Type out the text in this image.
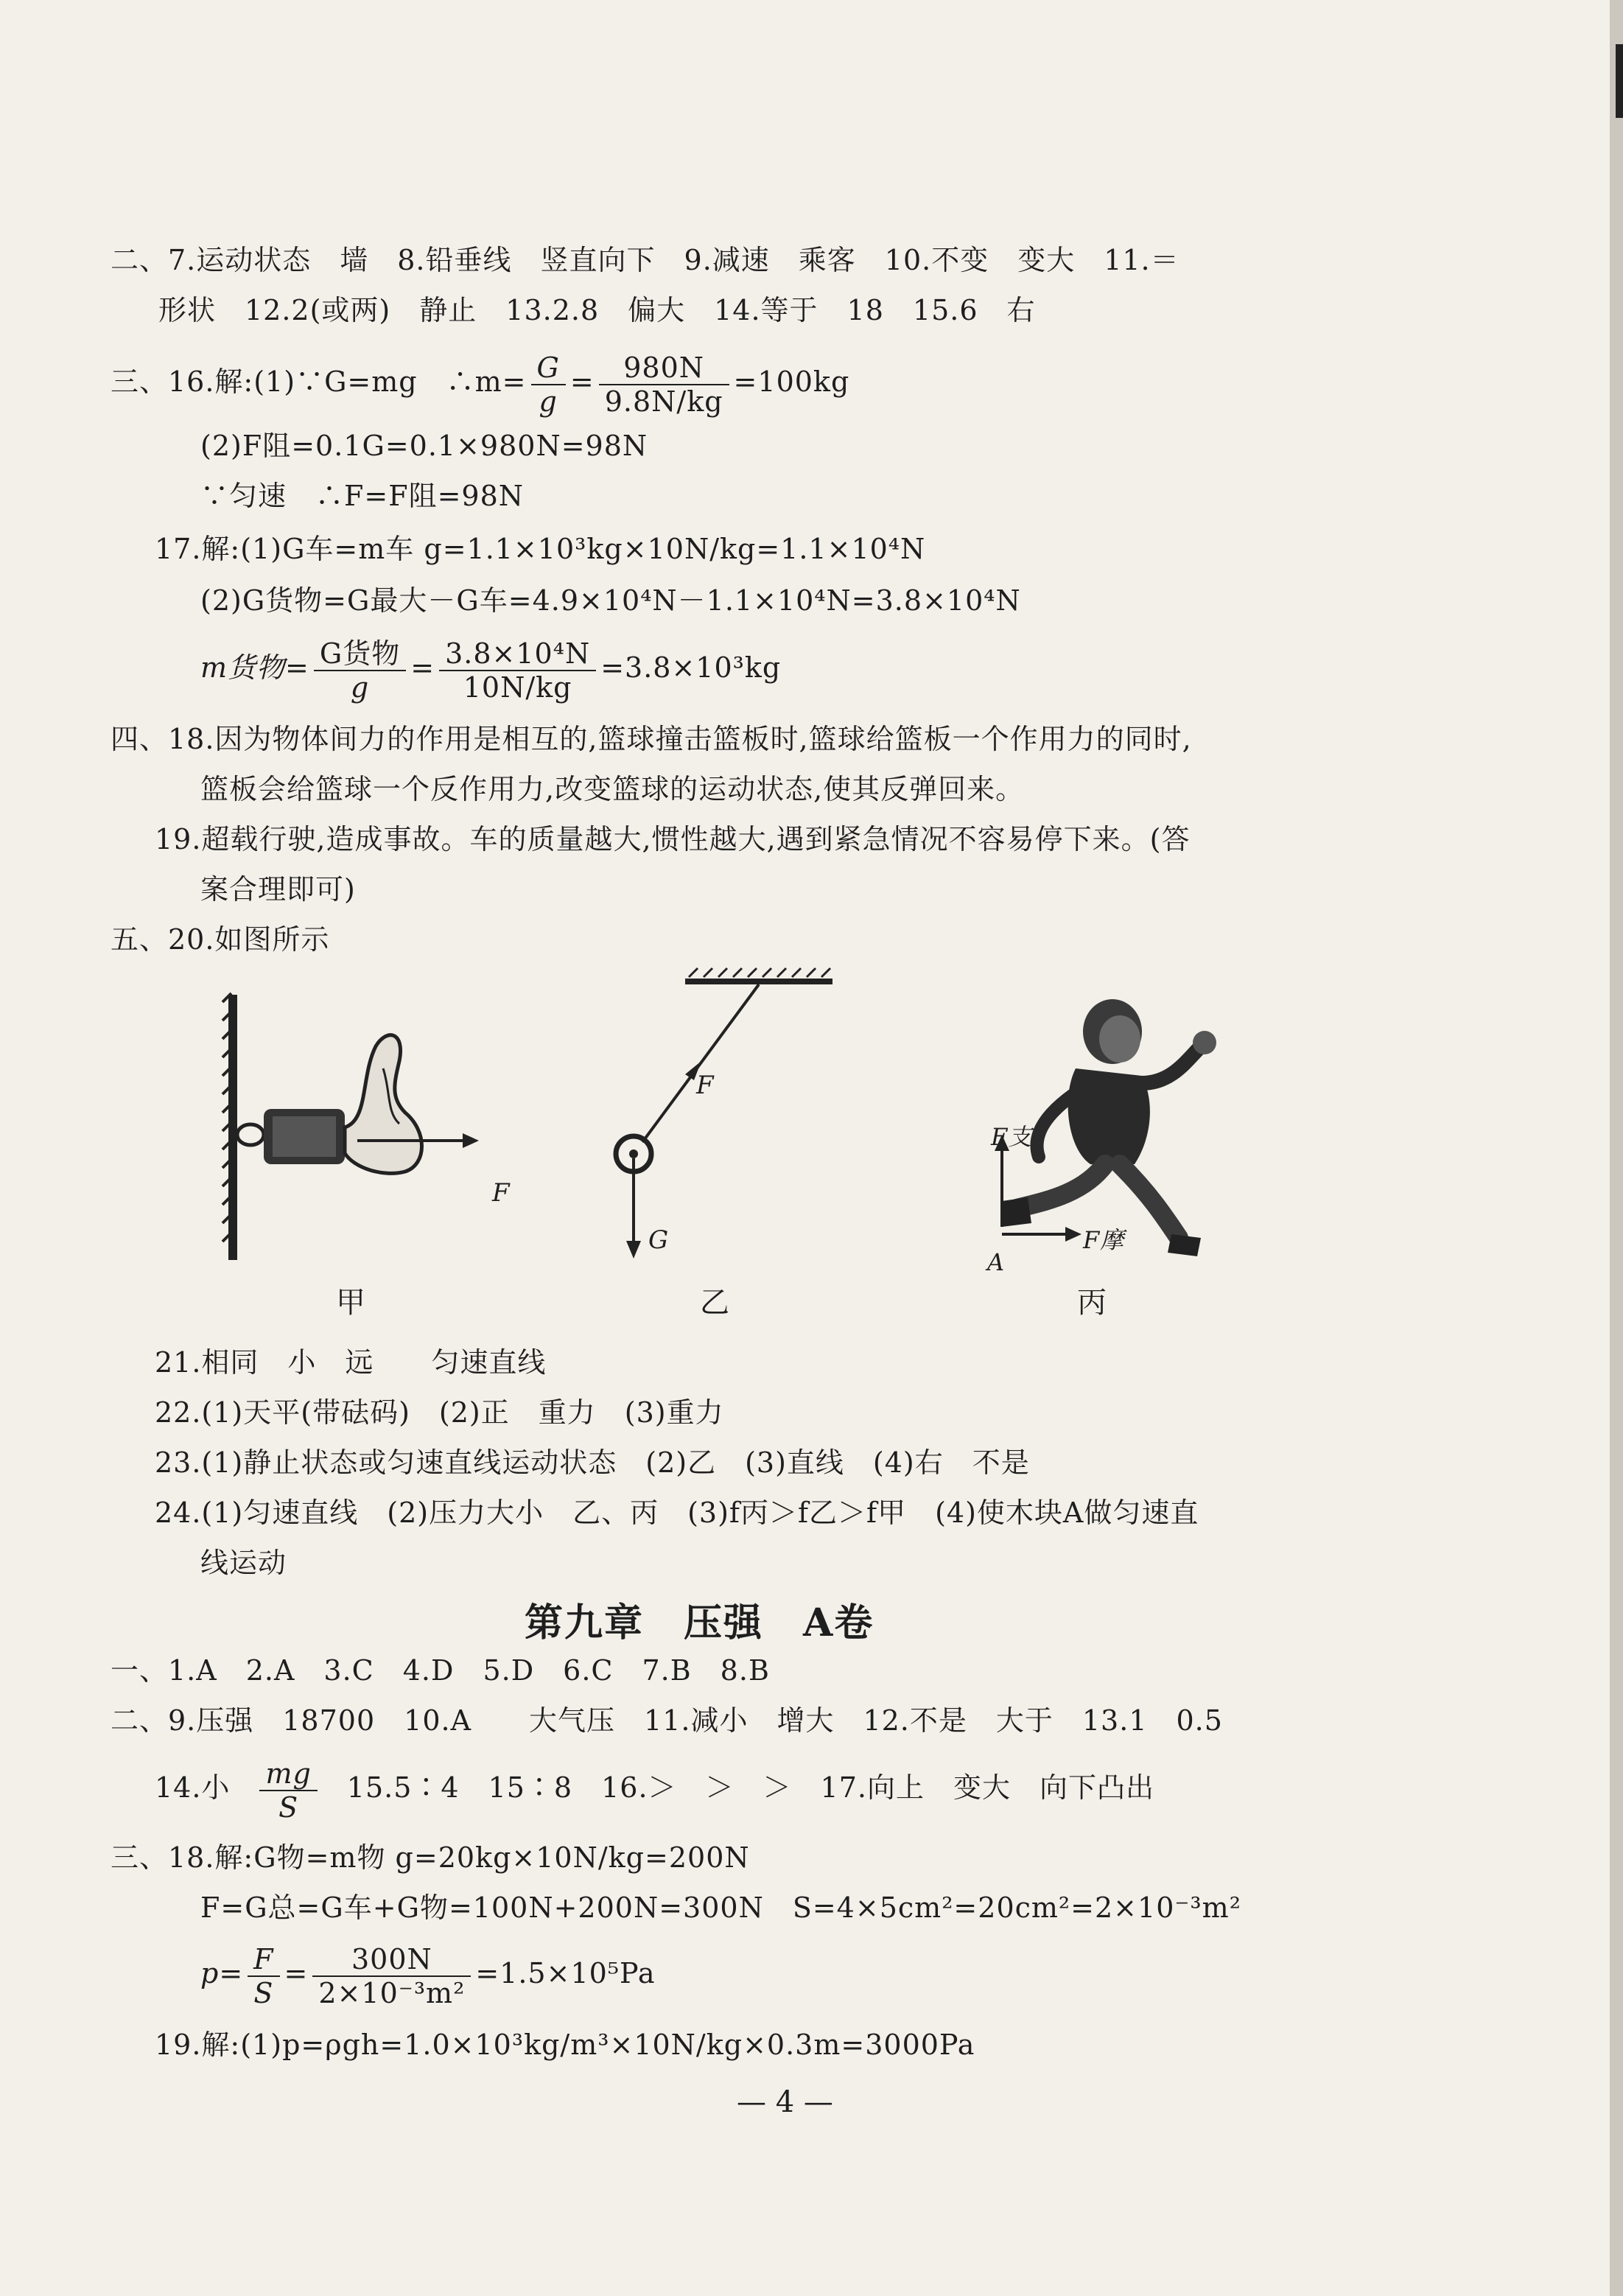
二、7.运动状态　墙　8.铅垂线　竖直向下　9.减速　乘客　10.不变　变大　11.＝
形状　12.2(或两)　静止　13.2.8　偏大　14.等于　18　15.6　右
三、16.解:(1)∵G=mg　∴m= $\frac{G}{g} = \frac{980N}{9.8N/kg} =100kg$
(2)F阻=0.1G=0.1×980N=98N
∵匀速　∴F=F阻=98N
17.解:(1)G车=m车 g=1.1×10³kg×10N/kg=1.1×10⁴N
(2)G货物=G最大－G车=4.9×10⁴N－1.1×10⁴N=3.8×10⁴N
m货物= $\frac{\text{G货物}}{g} = \frac{\text{3.8×10⁴N}}{10N/kg} =3.8\times 10^3kg$
四、18.因为物体间力的作用是相互的,篮球撞击篮板时,篮球给篮板一个作用力的同时,
篮板会给篮球一个反作用力,改变篮球的运动状态,使其反弹回来。
19.超载行驶,造成事故。车的质量越大,惯性越大,遇到紧急情况不容易停下来。(答
案合理即可)
五、20.如图所示
F
甲
F
G
乙
F支
F摩
A
丙
21.相同　小　远　　匀速直线
22.(1)天平(带砝码)　(2)正　重力　(3)重力
23.(1)静止状态或匀速直线运动状态　(2)乙　(3)直线　(4)右　不是
24.(1)匀速直线　(2)压力大小　乙、丙　(3)f丙＞f乙＞f甲　(4)使木块A做匀速直
线运动
第九章　压强　A卷
一、1.A　2.A　3.C　4.D　5.D　6.C　7.B　8.B
二、9.压强　18700　10.A　　大气压　11.减小　增大　12.不是　大于　13.1　0.5
14.小 $\frac{mg}{S}$ 15.5∶4　15∶8　16.＞　＞　＞　17.向上　变大　向下凸出
三、18.解:G物=m物 g=20kg×10N/kg=200N
F=G总=G车+G物=100N+200N=300N　S=4×5cm²=20cm²=2×10⁻³m²
$p= \frac{F}{S} = \frac{300N}{\text{2×10⁻³m²}} =1.5\times 10^5Pa$
19.解:(1)p=ρgh=1.0×10³kg/m³×10N/kg×0.3m=3000Pa
— 4 —
